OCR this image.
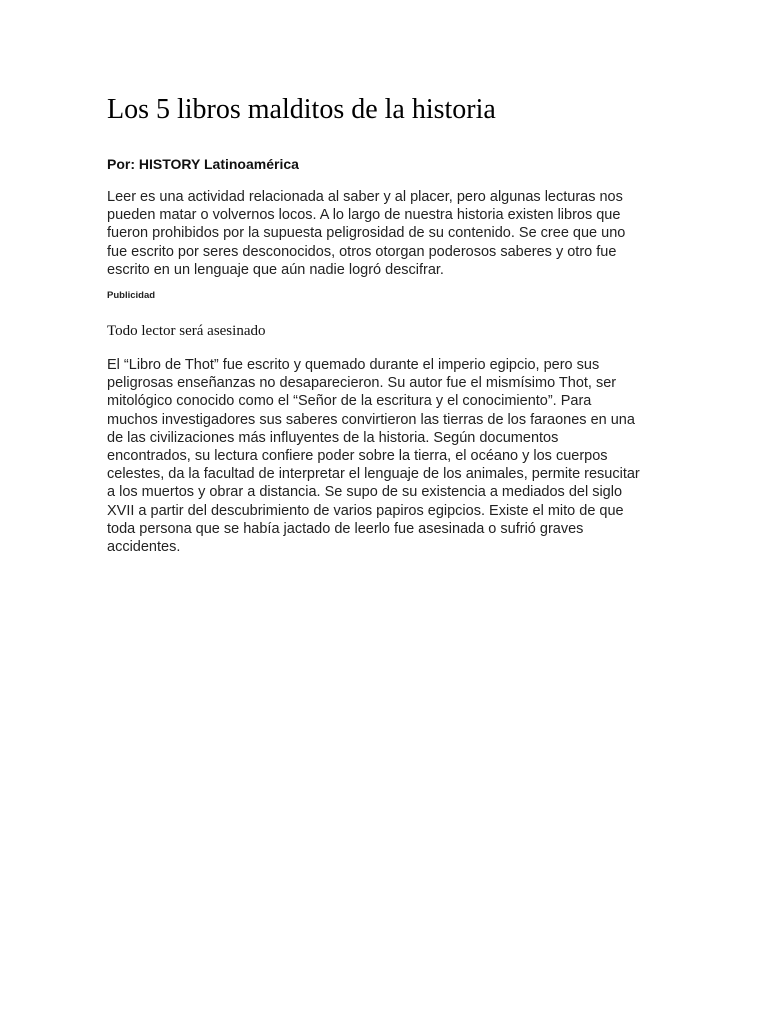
Los 5 libros malditos de la historia

Por: HISTORY Latinoamérica

Leer es una actividad relacionada al saber y al placer, pero algunas lecturas nos
pueden matar o volvernos locos. A lo largo de nuestra historia existen libros que
fueron prohibidos por la supuesta peligrosidad de su contenido. Se cree que uno
fue escrito por seres desconocidos, otros otorgan poderosos saberes y otro fue
escrito en un lenguaje que aún nadie logró descifrar.

Publicidad

Todo lector será asesinado
El “Libro de Thot” fue escrito y quemado durante el imperio egipcio, pero sus
peligrosas enseñanzas no desaparecieron. Su autor fue el mismísimo Thot, ser
mitológico conocido como el “Señor de la escritura y el conocimiento”. Para
muchos investigadores sus saberes convirtieron las tierras de los faraones en una
de las civilizaciones más influyentes de la historia. Según documentos
encontrados, su lectura confiere poder sobre la tierra, el océano y los cuerpos
celestes, da la facultad de interpretar el lenguaje de los animales, permite resucitar
a los muertos y obrar a distancia. Se supo de su existencia a mediados del siglo
XVII a partir del descubrimiento de varios papiros egipcios. Existe el mito de que
toda persona que se había jactado de leerlo fue asesinada o sufrió graves
accidentes.
